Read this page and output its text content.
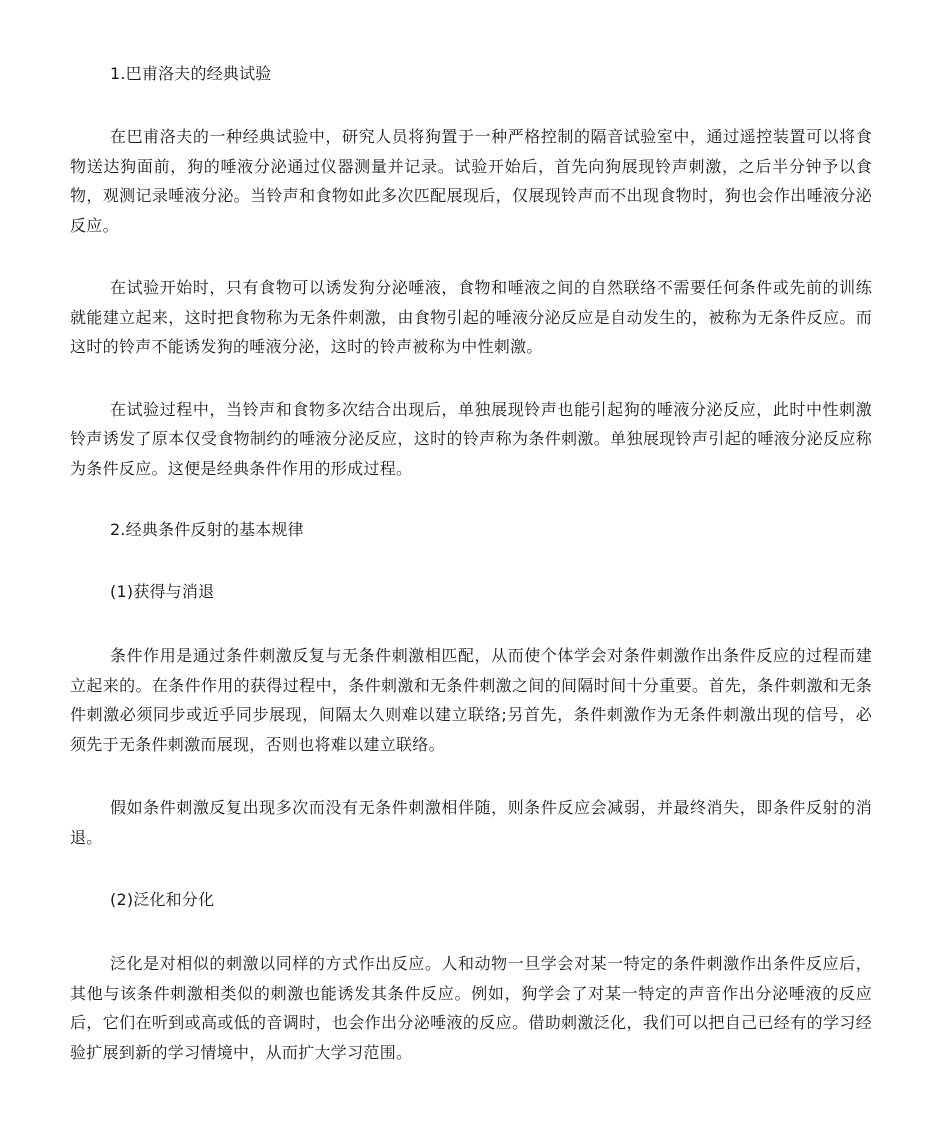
1.巴甫洛夫的经典试验

在巴甫洛夫的一种经典试验中，研究人员将狗置于一种严格控制的隔音试验室中，通过遥控装置可以将食物送达狗面前，狗的唾液分泌通过仪器测量并记录。试验开始后，首先向狗展现铃声刺激，之后半分钟予以食物，观测记录唾液分泌。当铃声和食物如此多次匹配展现后，仅展现铃声而不出现食物时，狗也会作出唾液分泌反应。

在试验开始时，只有食物可以诱发狗分泌唾液，食物和唾液之间的自然联络不需要任何条件或先前的训练就能建立起来，这时把食物称为无条件刺激，由食物引起的唾液分泌反应是自动发生的，被称为无条件反应。而这时的铃声不能诱发狗的唾液分泌，这时的铃声被称为中性刺激。

在试验过程中，当铃声和食物多次结合出现后，单独展现铃声也能引起狗的唾液分泌反应，此时中性刺激铃声诱发了原本仅受食物制约的唾液分泌反应，这时的铃声称为条件刺激。单独展现铃声引起的唾液分泌反应称为条件反应。这便是经典条件作用的形成过程。

2.经典条件反射的基本规律

(1)获得与消退

条件作用是通过条件刺激反复与无条件刺激相匹配，从而使个体学会对条件刺激作出条件反应的过程而建立起来的。在条件作用的获得过程中，条件刺激和无条件刺激之间的间隔时间十分重要。首先，条件刺激和无条件刺激必须同步或近乎同步展现，间隔太久则难以建立联络;另首先，条件刺激作为无条件刺激出现的信号，必须先于无条件刺激而展现，否则也将难以建立联络。

假如条件刺激反复出现多次而没有无条件刺激相伴随，则条件反应会减弱，并最终消失，即条件反射的消退。

(2)泛化和分化

泛化是对相似的刺激以同样的方式作出反应。人和动物一旦学会对某一特定的条件刺激作出条件反应后，其他与该条件刺激相类似的刺激也能诱发其条件反应。例如，狗学会了对某一特定的声音作出分泌唾液的反应后，它们在听到或高或低的音调时，也会作出分泌唾液的反应。借助刺激泛化，我们可以把自己已经有的学习经验扩展到新的学习情境中，从而扩大学习范围。
